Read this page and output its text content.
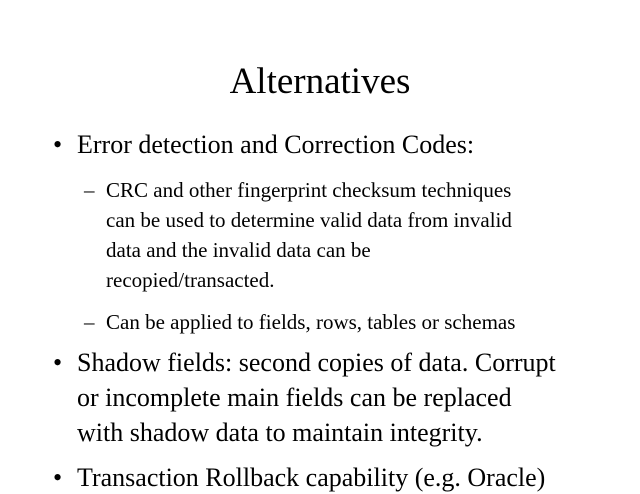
Alternatives
• Error detection and Correction Codes:
– CRC and other fingerprint checksum techniques
can be used to determine valid data from invalid
data and the invalid data can be
recopied/transacted.
– Can be applied to fields, rows, tables or schemas
• Shadow fields: second copies of data. Corrupt
or incomplete main fields can be replaced
with shadow data to maintain integrity.
• Transaction Rollback capability (e.g. Oracle)
